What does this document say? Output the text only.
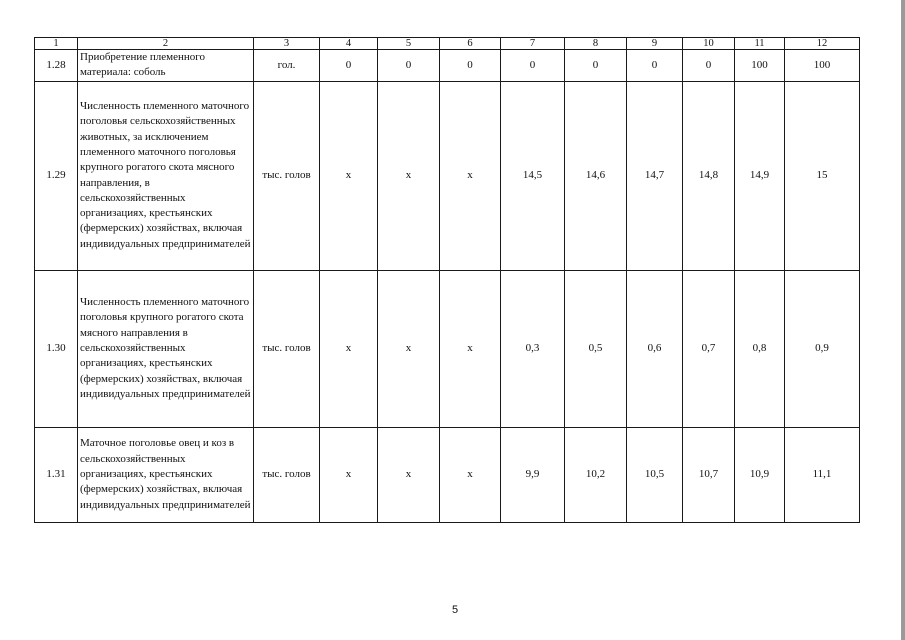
1	2	3	4	5	6	7	8	9	10	11	12
1.28	Приобретение племенного материала: соболь	гол.	0	0	0	0	0	0	0	100	100
1.29	Численность племенного маточного поголовья сельскохозяйственных животных, за исключением племенного маточного поголовья крупного рогатого скота мясного направления, в сельскохозяйственных организациях, крестьянских (фермерских) хозяйствах, включая индивидуальных предпринимателей	тыс. голов	x	x	x	14,5	14,6	14,7	14,8	14,9	15
1.30	Численность племенного маточного поголовья крупного рогатого скота мясного направления в сельскохозяйственных организациях, крестьянских (фермерских) хозяйствах, включая индивидуальных предпринимателей	тыс. голов	x	x	x	0,3	0,5	0,6	0,7	0,8	0,9
1.31	Маточное поголовье овец и коз в сельскохозяйственных организациях, крестьянских (фермерских) хозяйствах, включая индивидуальных предпринимателей	тыс. голов	x	x	x	9,9	10,2	10,5	10,7	10,9	11,1
5
